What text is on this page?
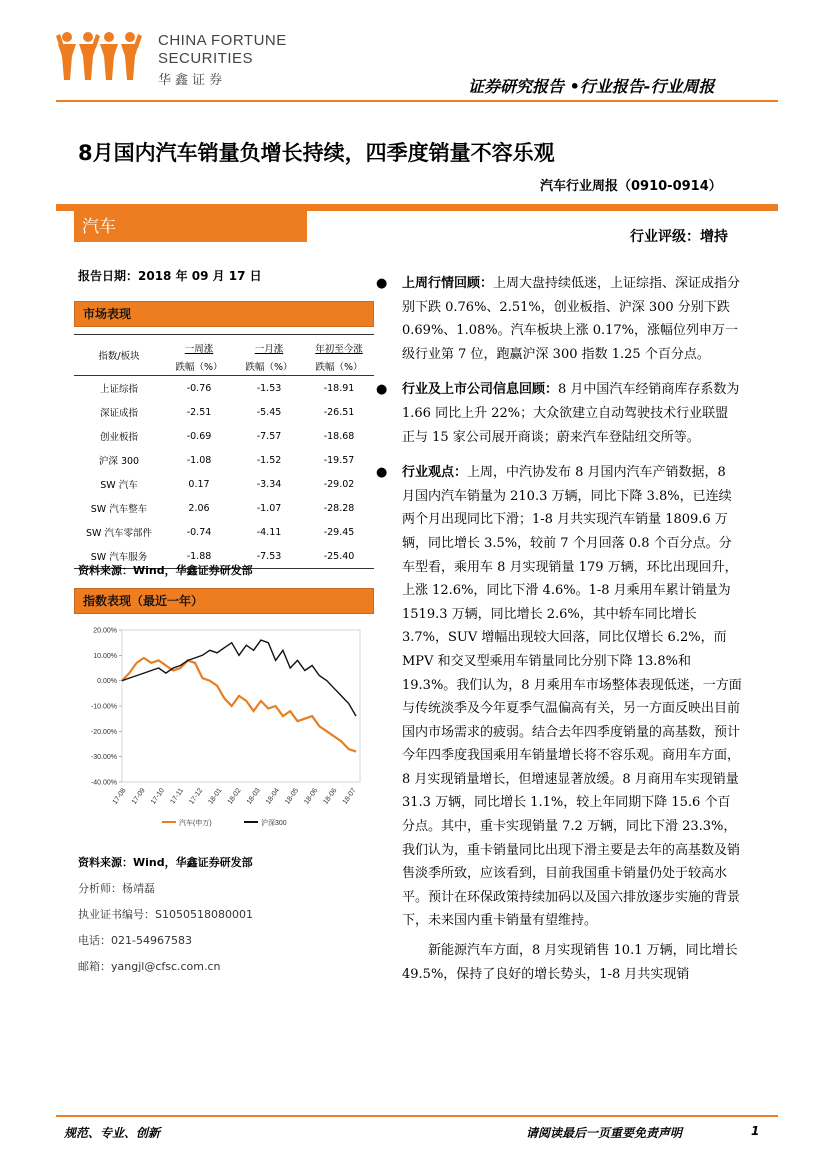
CHINA FORTUNE
SECURITIES
华鑫证券	证券研究报告 •行业报告-行业周报
8月国内汽车销量负增长持续，四季度销量不容乐观
汽车行业周报（0910-0914）
汽车	行业评级：增持
报告日期：2018 年 09 月 17 日
市场表现
指数/板块	一周涨	一月涨	年初至今涨
	跌幅（%）	跌幅（%）	跌幅（%）
上证综指	-0.76	-1.53	-18.91
深证成指	-2.51	-5.45	-26.51
创业板指	-0.69	-7.57	-18.68
沪深 300	-1.08	-1.52	-19.57
SW 汽车	0.17	-3.34	-29.02
SW 汽车整车	2.06	-1.07	-28.28
SW 汽车零部件	-0.74	-4.11	-29.45
SW 汽车服务	-1.88	-7.53	-25.40
资料来源：Wind，华鑫证券研发部
指数表现（最近一年）
20.00%
10.00%
0.00%
-10.00%
-20.00%
-30.00%
-40.00%
17-08 17-09 17-10 17-11 17-12 18-01 18-02 18-03 18-04 18-05 18-06 18-06 18-07
汽车(申万)	沪深300
资料来源：Wind，华鑫证券研发部
分析师：杨靖磊
执业证书编号：S1050518080001
电话：021-54967583
邮箱：yangjl@cfsc.com.cn
● 上周行情回顾：上周大盘持续低迷，上证综指、深证成指分别下跌 0.76%、2.51%，创业板指、沪深 300 分别下跌 0.69%、1.08%。汽车板块上涨 0.17%，涨幅位列申万一级行业第 7 位，跑赢沪深 300 指数 1.25 个百分点。
● 行业及上市公司信息回顾：8 月中国汽车经销商库存系数为 1.66 同比上升 22%；大众欲建立自动驾驶技术行业联盟 正与 15 家公司展开商谈；蔚来汽车登陆纽交所等。
● 行业观点：上周，中汽协发布 8 月国内汽车产销数据，8 月国内汽车销量为 210.3 万辆，同比下降 3.8%，已连续两个月出现同比下滑；1-8 月共实现汽车销量 1809.6 万辆，同比增长 3.5%，较前 7 个月回落 0.8 个百分点。分车型看，乘用车 8 月实现销量 179 万辆，环比出现回升，上涨 12.6%，同比下滑 4.6%。1-8 月乘用车累计销量为 1519.3 万辆，同比增长 2.6%，其中轿车同比增长 3.7%，SUV 增幅出现较大回落，同比仅增长 6.2%，而 MPV 和交叉型乘用车销量同比分别下降 13.8%和 19.3%。我们认为，8 月乘用车市场整体表现低迷，一方面与传统淡季及今年夏季气温偏高有关，另一方面反映出目前国内市场需求的疲弱。结合去年四季度销量的高基数，预计今年四季度我国乘用车销量增长将不容乐观。商用车方面，8 月实现销量增长，但增速显著放缓。8 月商用车实现销量 31.3 万辆，同比增长 1.1%，较上年同期下降 15.6 个百分点。其中，重卡实现销量 7.2 万辆，同比下滑 23.3%，我们认为，重卡销量同比出现下滑主要是去年的高基数及销售淡季所致，应该看到，目前我国重卡销量仍处于较高水平。预计在环保政策持续加码以及国六排放逐步实施的背景下，未来国内重卡销量有望维持。
新能源汽车方面，8 月实现销售 10.1 万辆，同比增长 49.5%，保持了良好的增长势头，1-8 月共实现销
规范、专业、创新	请阅读最后一页重要免责声明	1
